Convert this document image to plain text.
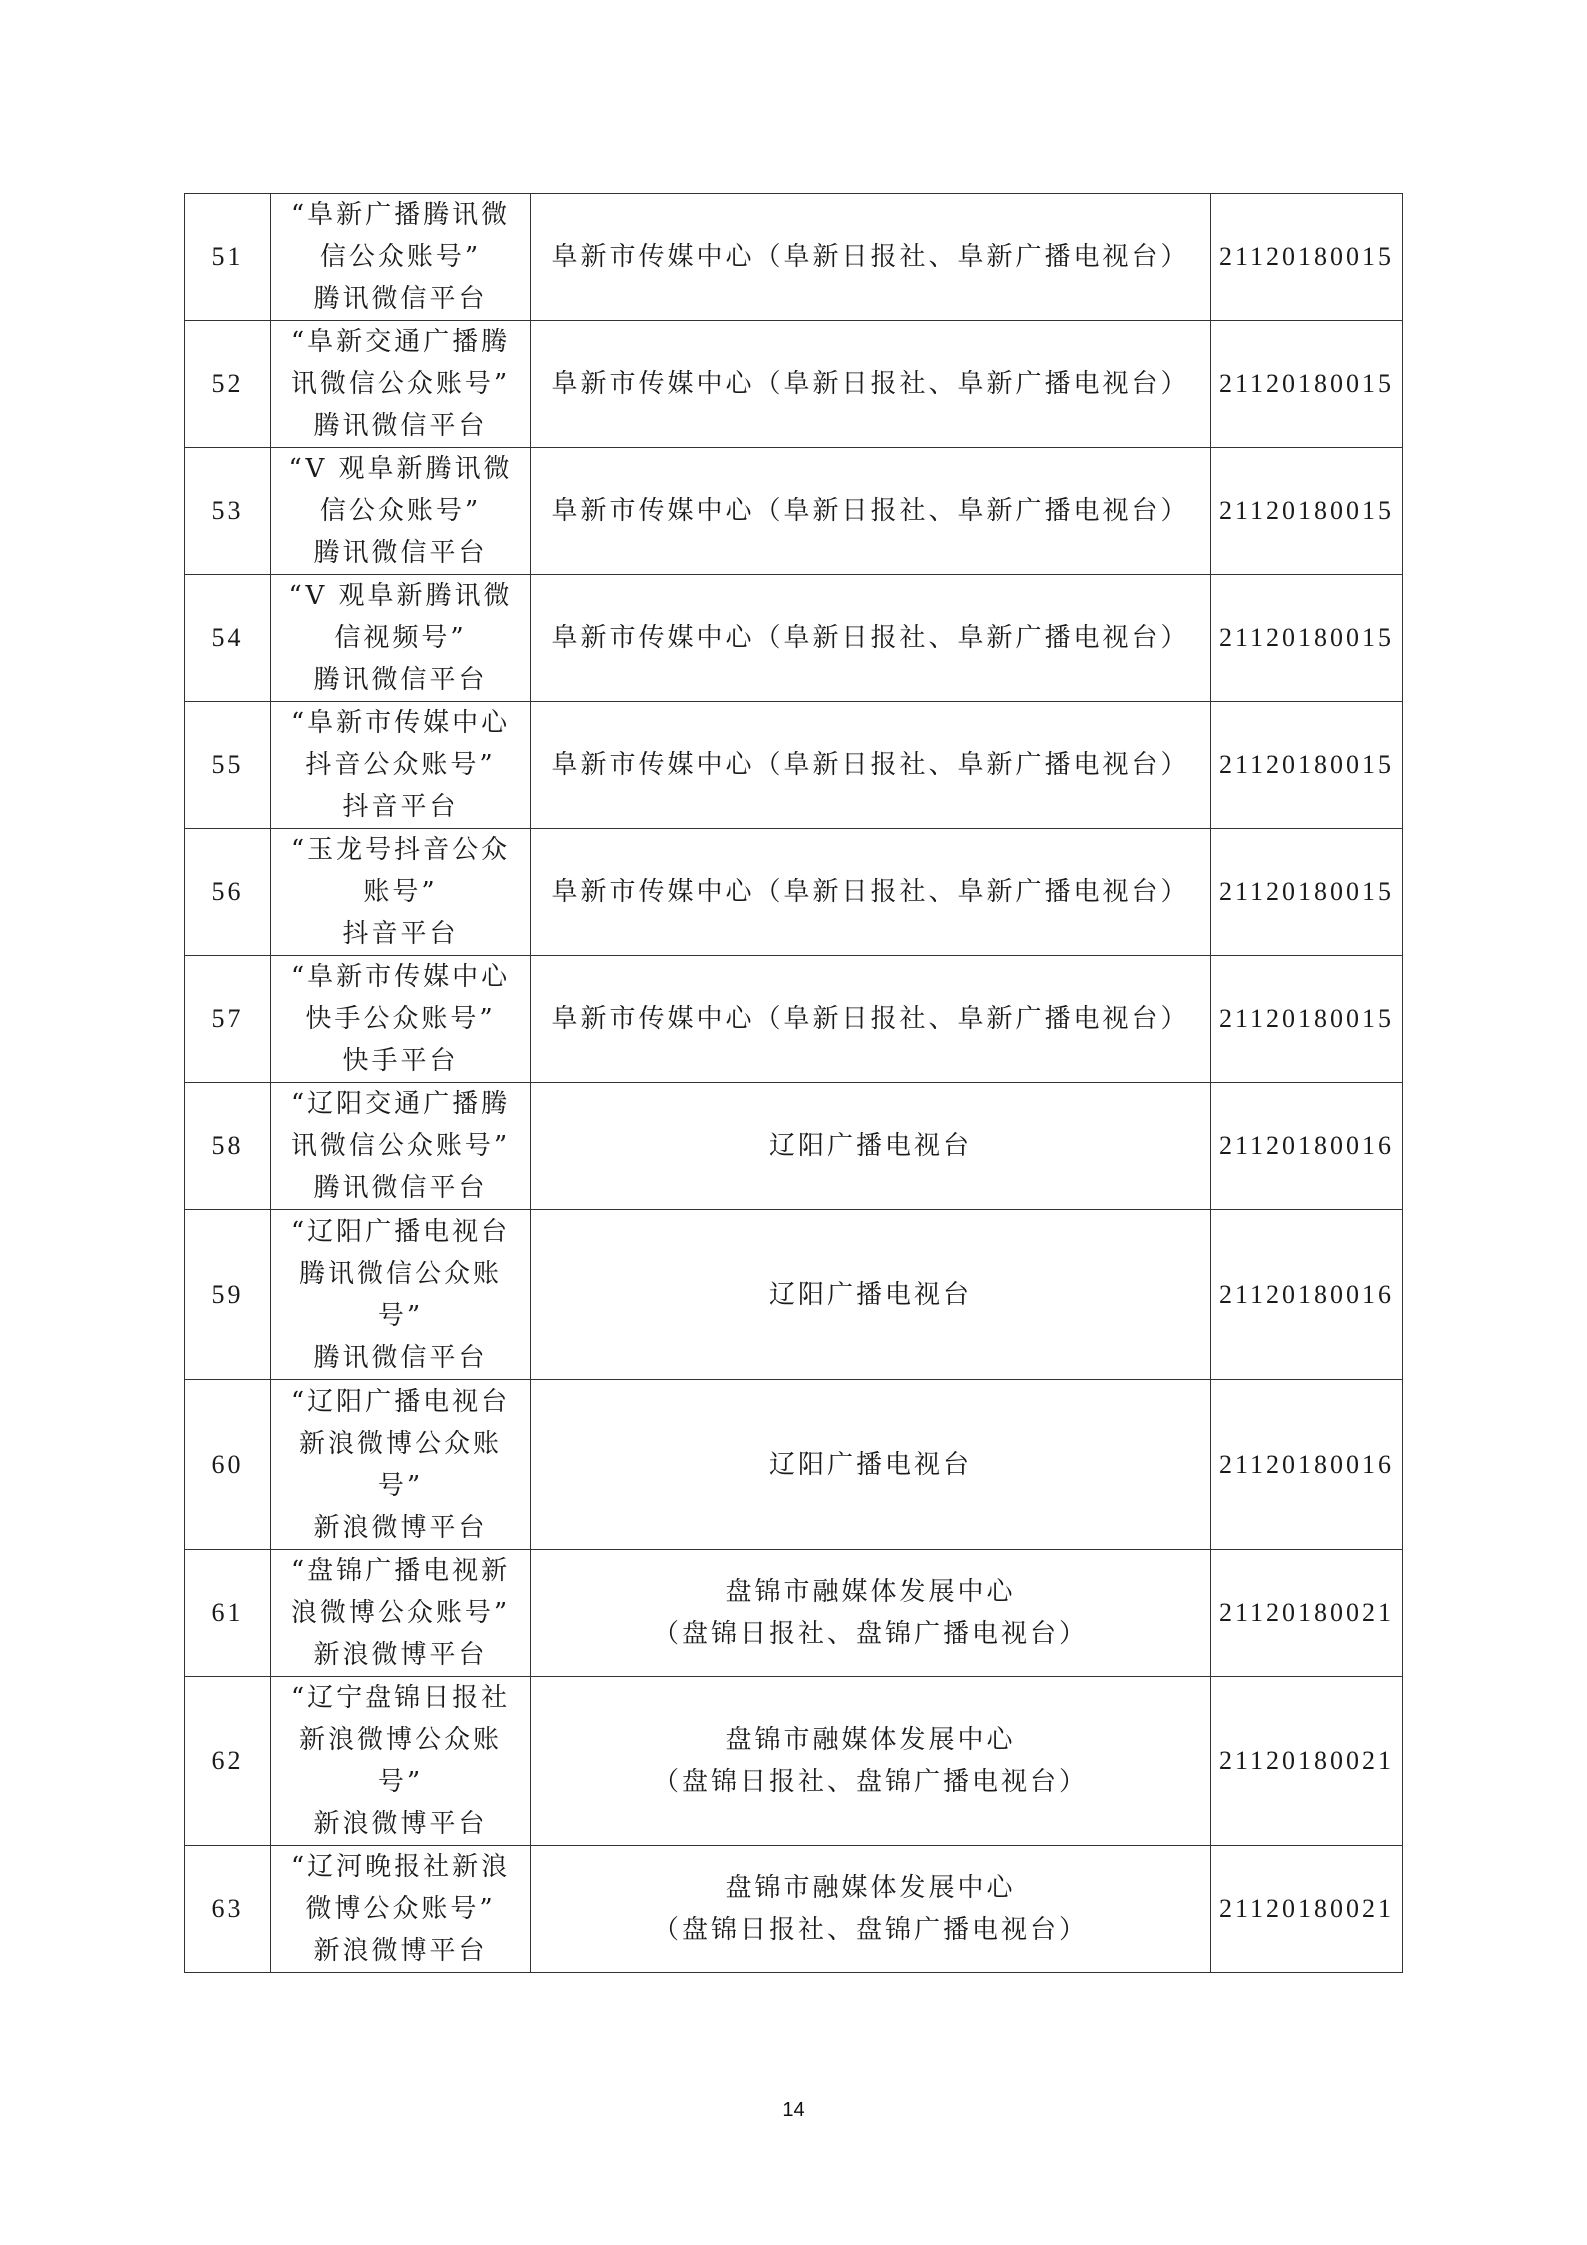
51	“阜新广播腾讯微
信公众账号”
腾讯微信平台	阜新市传媒中心（阜新日报社、阜新广播电视台）	21120180015
52	“阜新交通广播腾
讯微信公众账号”
腾讯微信平台	阜新市传媒中心（阜新日报社、阜新广播电视台）	21120180015
53	“V 观阜新腾讯微
信公众账号”
腾讯微信平台	阜新市传媒中心（阜新日报社、阜新广播电视台）	21120180015
54	“V 观阜新腾讯微
信视频号”
腾讯微信平台	阜新市传媒中心（阜新日报社、阜新广播电视台）	21120180015
55	“阜新市传媒中心
抖音公众账号”
抖音平台	阜新市传媒中心（阜新日报社、阜新广播电视台）	21120180015
56	“玉龙号抖音公众
账号”
抖音平台	阜新市传媒中心（阜新日报社、阜新广播电视台）	21120180015
57	“阜新市传媒中心
快手公众账号”
快手平台	阜新市传媒中心（阜新日报社、阜新广播电视台）	21120180015
58	“辽阳交通广播腾
讯微信公众账号”
腾讯微信平台	辽阳广播电视台	21120180016
59	“辽阳广播电视台
腾讯微信公众账
号”
腾讯微信平台	辽阳广播电视台	21120180016
60	“辽阳广播电视台
新浪微博公众账
号”
新浪微博平台	辽阳广播电视台	21120180016
61	“盘锦广播电视新
浪微博公众账号”
新浪微博平台	盘锦市融媒体发展中心
（盘锦日报社、盘锦广播电视台）	21120180021
62	“辽宁盘锦日报社
新浪微博公众账
号”
新浪微博平台	盘锦市融媒体发展中心
（盘锦日报社、盘锦广播电视台）	21120180021
63	“辽河晚报社新浪
微博公众账号”
新浪微博平台	盘锦市融媒体发展中心
（盘锦日报社、盘锦广播电视台）	21120180021
14
